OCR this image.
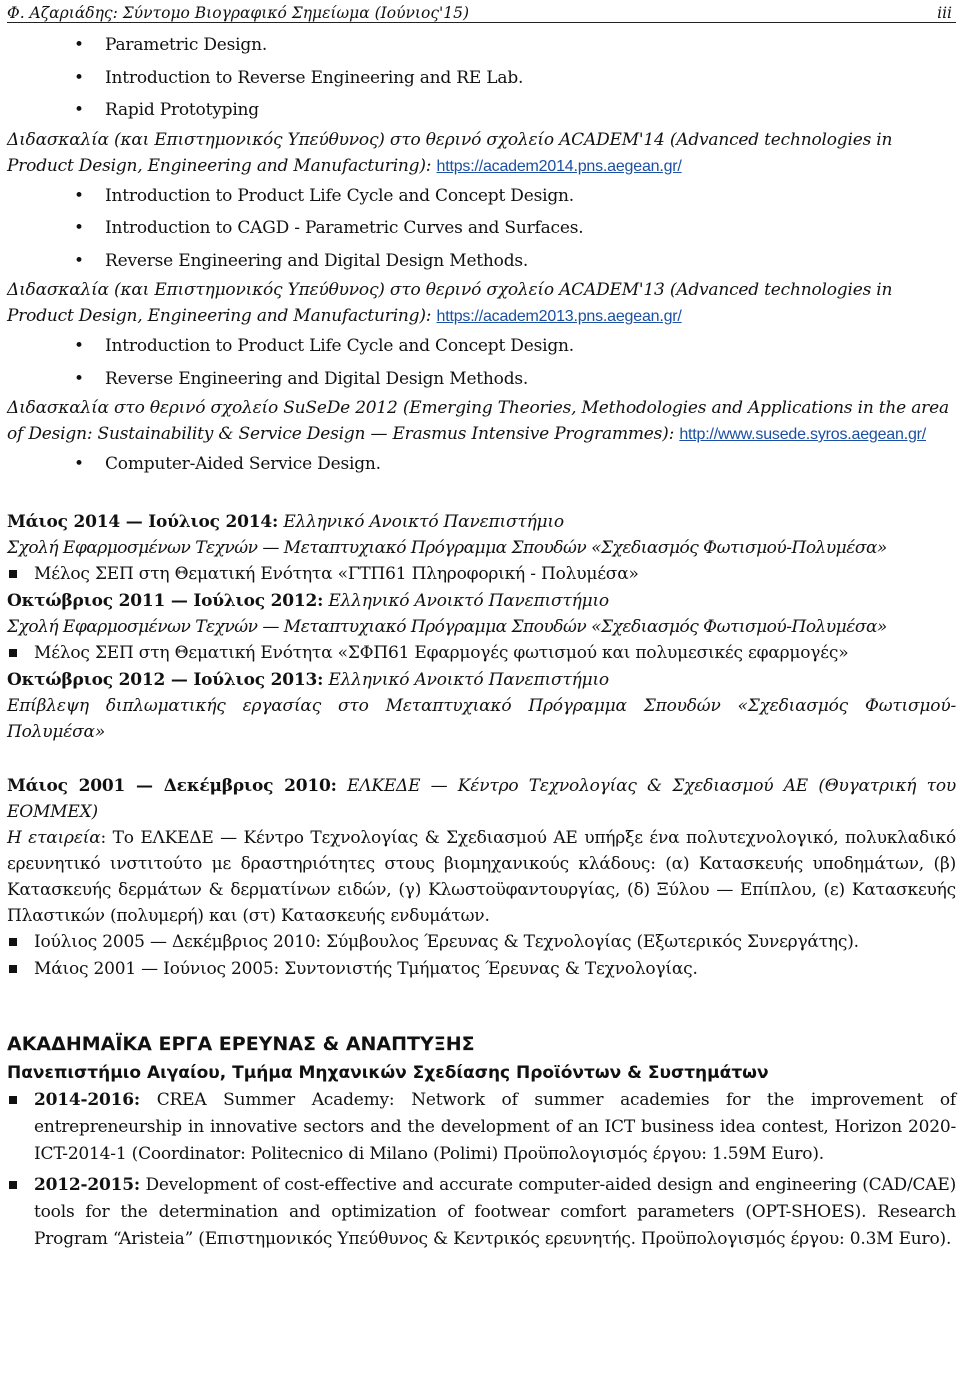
Φ. Αζαριάδης: Σύντομο Βιογραφικό Σημείωμα (Ιούνιος'15)	iii
• Parametric Design.
• Introduction to Reverse Engineering and RE Lab.
• Rapid Prototyping

Διδασκαλία (και Επιστημονικός Υπεύθυνος) στο θερινό σχολείο ACADEM'14 (Advanced technologies in Product Design, Engineering and Manufacturing): https://academ2014.pns.aegean.gr/

• Introduction to Product Life Cycle and Concept Design.
• Introduction to CAGD - Parametric Curves and Surfaces.
• Reverse Engineering and Digital Design Methods.

Διδασκαλία (και Επιστημονικός Υπεύθυνος) στο θερινό σχολείο ACADEM'13 (Advanced technologies in Product Design, Engineering and Manufacturing): https://academ2013.pns.aegean.gr/

• Introduction to Product Life Cycle and Concept Design.
• Reverse Engineering and Digital Design Methods.

Διδασκαλία στο θερινό σχολείο SuSeDe 2012 (Emerging Theories, Methodologies and Applications in the area of Design: Sustainability & Service Design — Erasmus Intensive Programmes): http://www.susede.syros.aegean.gr/

• Computer-Aided Service Design.

Μάιος 2014 — Ιούλιος 2014: Ελληνικό Ανοικτό Πανεπιστήμιο

Σχολή Εφαρμοσμένων Τεχνών — Μεταπτυχιακό Πρόγραμμα Σπουδών «Σχεδιασμός Φωτισμού-Πολυμέσα»

Μέλος ΣΕΠ στη Θεματική Ενότητα «ΓΤΠ61 Πληροφορική - Πολυμέσα»

Οκτώβριος 2011 — Ιούλιος 2012: Ελληνικό Ανοικτό Πανεπιστήμιο

Σχολή Εφαρμοσμένων Τεχνών — Μεταπτυχιακό Πρόγραμμα Σπουδών «Σχεδιασμός Φωτισμού-Πολυμέσα»

Μέλος ΣΕΠ στη Θεματική Ενότητα «ΣΦΠ61 Εφαρμογές φωτισμού και πολυμεσικές εφαρμογές»

Οκτώβριος 2012 — Ιούλιος 2013: Ελληνικό Ανοικτό Πανεπιστήμιο

Επίβλεψη διπλωματικής εργασίας στο Μεταπτυχιακό Πρόγραμμα Σπουδών «Σχεδιασμός Φωτισμού-Πολυμέσα»

Μάιος 2001 — Δεκέμβριος 2010: ΕΛΚΕΔΕ — Κέντρο Τεχνολογίας & Σχεδιασμού ΑΕ (Θυγατρική του ΕΟΜΜΕΧ)

Η εταιρεία: Το ΕΛΚΕΔΕ — Κέντρο Τεχνολογίας & Σχεδιασμού ΑΕ υπήρξε ένα πολυτεχνολογικό, πολυκλαδικό ερευνητικό ινστιτούτο με δραστηριότητες στους βιομηχανικούς κλάδους: (α) Κατασκευής υποδημάτων, (β) Κατασκευής δερμάτων & δερματίνων ειδών, (γ) Κλωστοϋφαντουργίας, (δ) Ξύλου — Επίπλου, (ε) Κατασκευής Πλαστικών (πολυμερή) και (στ) Κατασκευής ενδυμάτων.

Ιούλιος 2005 — Δεκέμβριος 2010: Σύμβουλος Έρευνας & Τεχνολογίας (Εξωτερικός Συνεργάτης).
Μάιος 2001 — Ιούνιος 2005: Συντονιστής Τμήματος Έρευνας & Τεχνολογίας.
ΑΚΑΔΗΜΑΪΚΑ ΕΡΓΑ ΕΡΕΥΝΑΣ & ΑΝΑΠΤΥΞΗΣ

Πανεπιστήμιο Αιγαίου, Τμήμα Μηχανικών Σχεδίασης Προϊόντων & Συστημάτων

2014-2016: CREA Summer Academy: Network of summer academies for the improvement of entrepreneurship in innovative sectors and the development of an ICT business idea contest, Horizon 2020-ICT-2014-1 (Coordinator: Politecnico di Milano (Polimi) Προϋπολογισμός έργου: 1.59M Euro).
2012-2015: Development of cost-effective and accurate computer-aided design and engineering (CAD/CAE) tools for the determination and optimization of footwear comfort parameters (OPT-SHOES). Research Program “Aristeia” (Επιστημονικός Υπεύθυνος & Κεντρικός ερευνητής. Προϋπολογισμός έργου: 0.3M Euro).
